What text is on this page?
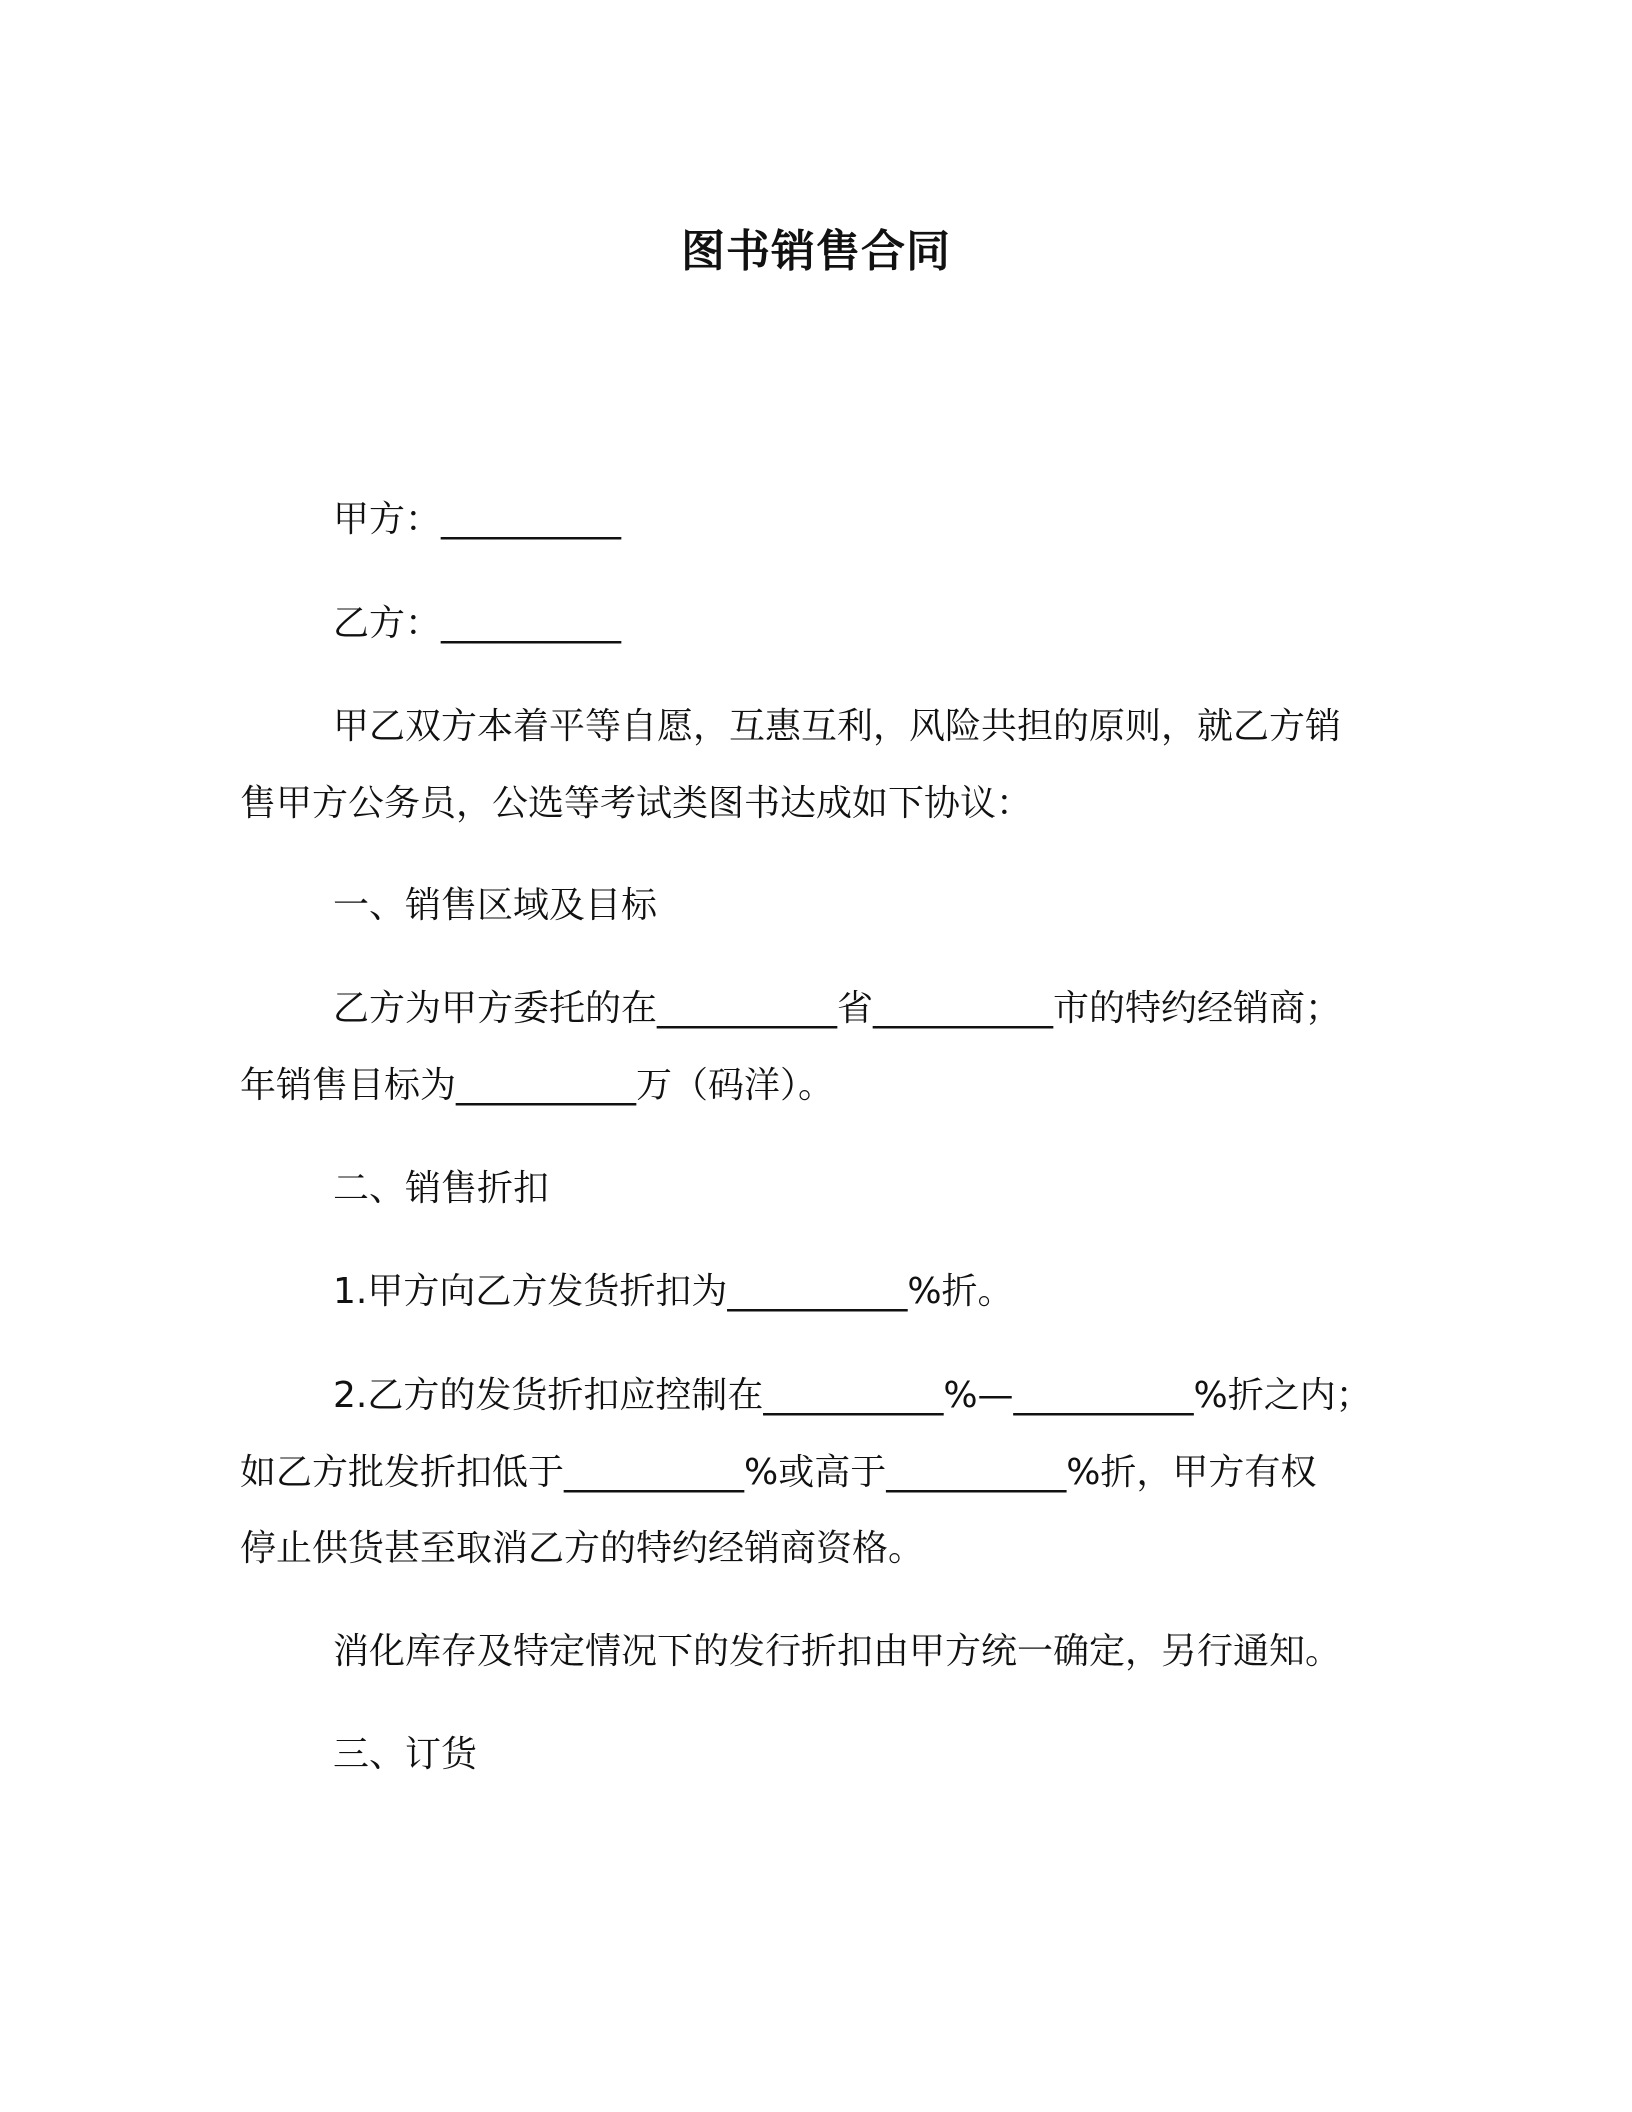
图书销售合同
甲方：__________
乙方：__________
甲乙双方本着平等自愿，互惠互利，风险共担的原则，就乙方销
售甲方公务员，公选等考试类图书达成如下协议：
一、销售区域及目标
乙方为甲方委托的在__________省__________市的特约经销商；
年销售目标为__________万（码洋）。
二、销售折扣
1.甲方向乙方发货折扣为__________%折。
2.乙方的发货折扣应控制在__________%—__________%折之内；
如乙方批发折扣低于__________%或高于__________%折，甲方有权
停止供货甚至取消乙方的特约经销商资格。
消化库存及特定情况下的发行折扣由甲方统一确定，另行通知。
三、订货
